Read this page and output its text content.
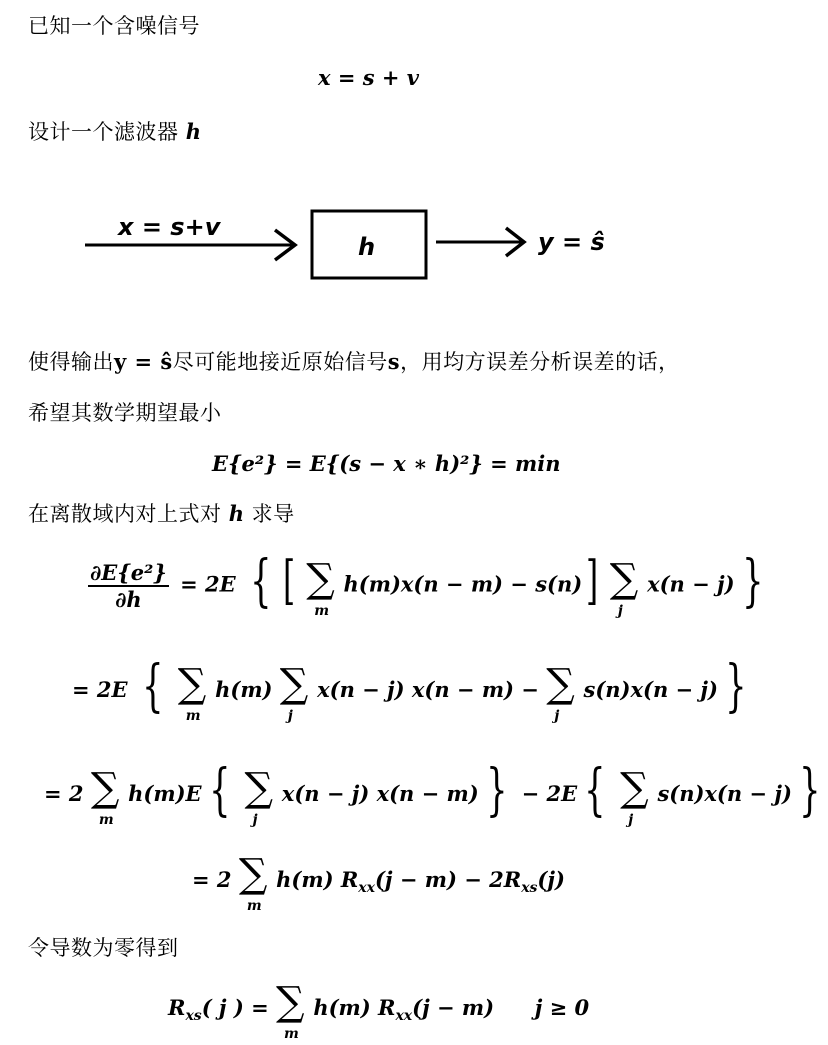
已知一个含噪信号
x = s + v
设计一个滤波器 h
x = s+v
h	y = ŝ
使得输出y = ŝ尽可能地接近原始信号s，用均方误差分析误差的话，
希望其数学期望最小
E{e²} = E{(s − x ∗ h)²} = min
在离散域内对上式对 h 求导
$\frac{\text{∂E\{e²\}}}{\partial h} = 2E$ { [ ∑
m
h(m)x(n − m) − s(n)] ∑
j
x(n − j) }
= 2E { ∑
m
h(m) ∑
j
x(n − j) x(n − m) − ∑
j
s(n)x(n − j) }
= 2 ∑
m
h(m)E { ∑
j
x(n − j) x(n − m) } − 2E { ∑
j
s(n)x(n − j) }
= 2 ∑
m
h(m) $R_{xx}(j - m) - 2R_{xs}(j)$
令导数为零得到
$R_{xs}$( j ) = ∑
m
h(m) $R_{xx}(j - m) j \ge 0$
